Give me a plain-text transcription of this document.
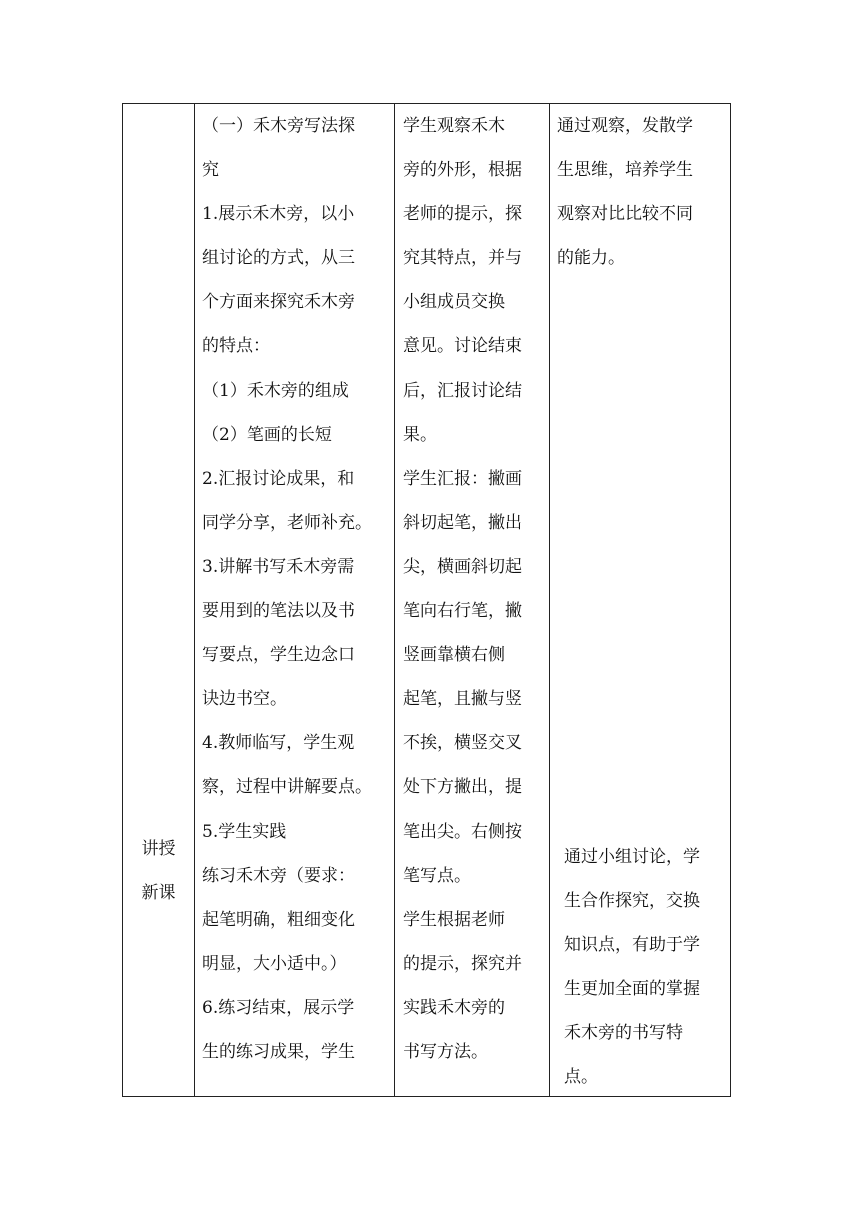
讲授
新课

（一）禾木旁写法探
究
1.展示禾木旁，以小
组讨论的方式，从三
个方面来探究禾木旁
的特点：
（1）禾木旁的组成
（2）笔画的长短
2.汇报讨论成果，和
同学分享，老师补充。
3.讲解书写禾木旁需
要用到的笔法以及书
写要点，学生边念口
诀边书空。
4.教师临写，学生观
察，过程中讲解要点。
5.学生实践
练习禾木旁（要求：
起笔明确，粗细变化
明显，大小适中。）
6.练习结束，展示学
生的练习成果，学生

学生观察禾木
旁的外形，根据
老师的提示，探
究其特点，并与
小组成员交换
意见。讨论结束
后，汇报讨论结
果。
学生汇报：撇画
斜切起笔，撇出
尖，横画斜切起
笔向右行笔，撇
竖画靠横右侧
起笔，且撇与竖
不挨，横竖交叉
处下方撇出，提
笔出尖。右侧按
笔写点。
学生根据老师
的提示，探究并
实践禾木旁的
书写方法。

通过观察，发散学
生思维，培养学生
观察对比比较不同
的能力。
通过小组讨论，学
生合作探究，交换
知识点，有助于学
生更加全面的掌握
禾木旁的书写特
点。
